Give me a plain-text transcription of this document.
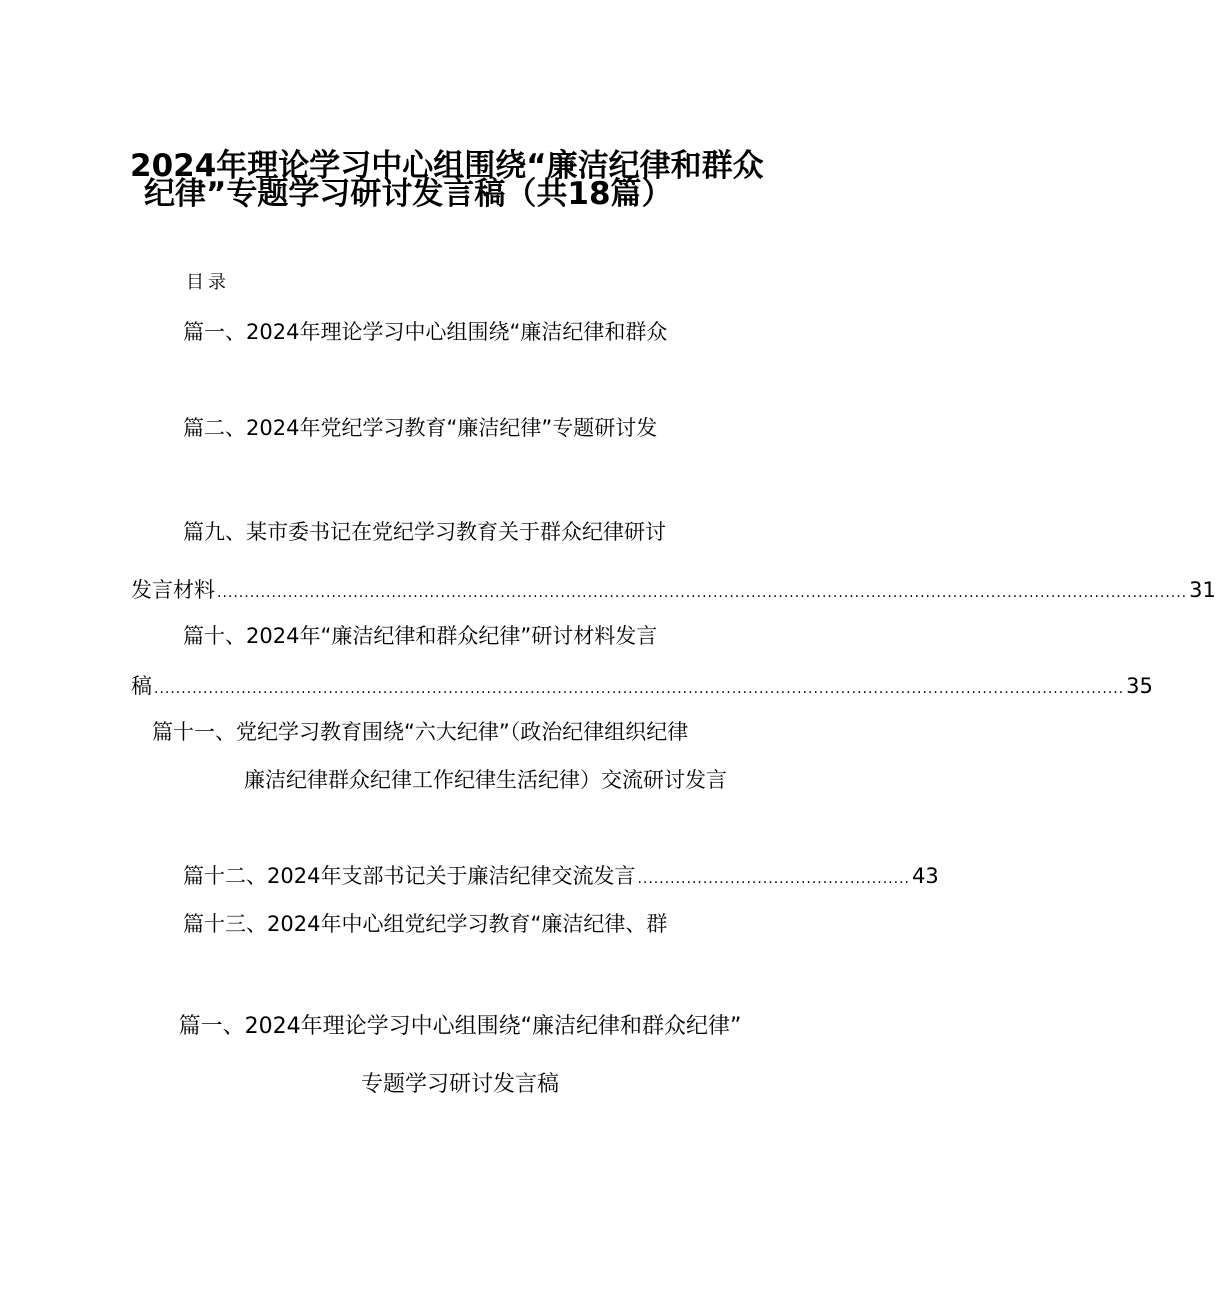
2024年理论学习中心组围绕“廉洁纪律和群众
纪律”专题学习研讨发言稿（共18篇）
目录
篇一、2024年理论学习中心组围绕“廉洁纪律和群众
篇二、2024年党纪学习教育“廉洁纪律”专题研讨发
篇九、某市委书记在党纪学习教育关于群众纪律研讨
发言材料 .................................................................................................................................................................................. 31
篇十、2024年“廉洁纪律和群众纪律”研讨材料发言
稿 .................................................................................................................................................................................. 35
篇十一、党纪学习教育围绕“六大纪律”（政治纪律组织纪律
廉洁纪律群众纪律工作纪律生活纪律）交流研讨发言
篇十二、2024年支部书记关于廉洁纪律交流发言 .................................................. 43
篇十三、2024年中心组党纪学习教育“廉洁纪律、群
篇一、2024年理论学习中心组围绕“廉洁纪律和群众纪律”
专题学习研讨发言稿
